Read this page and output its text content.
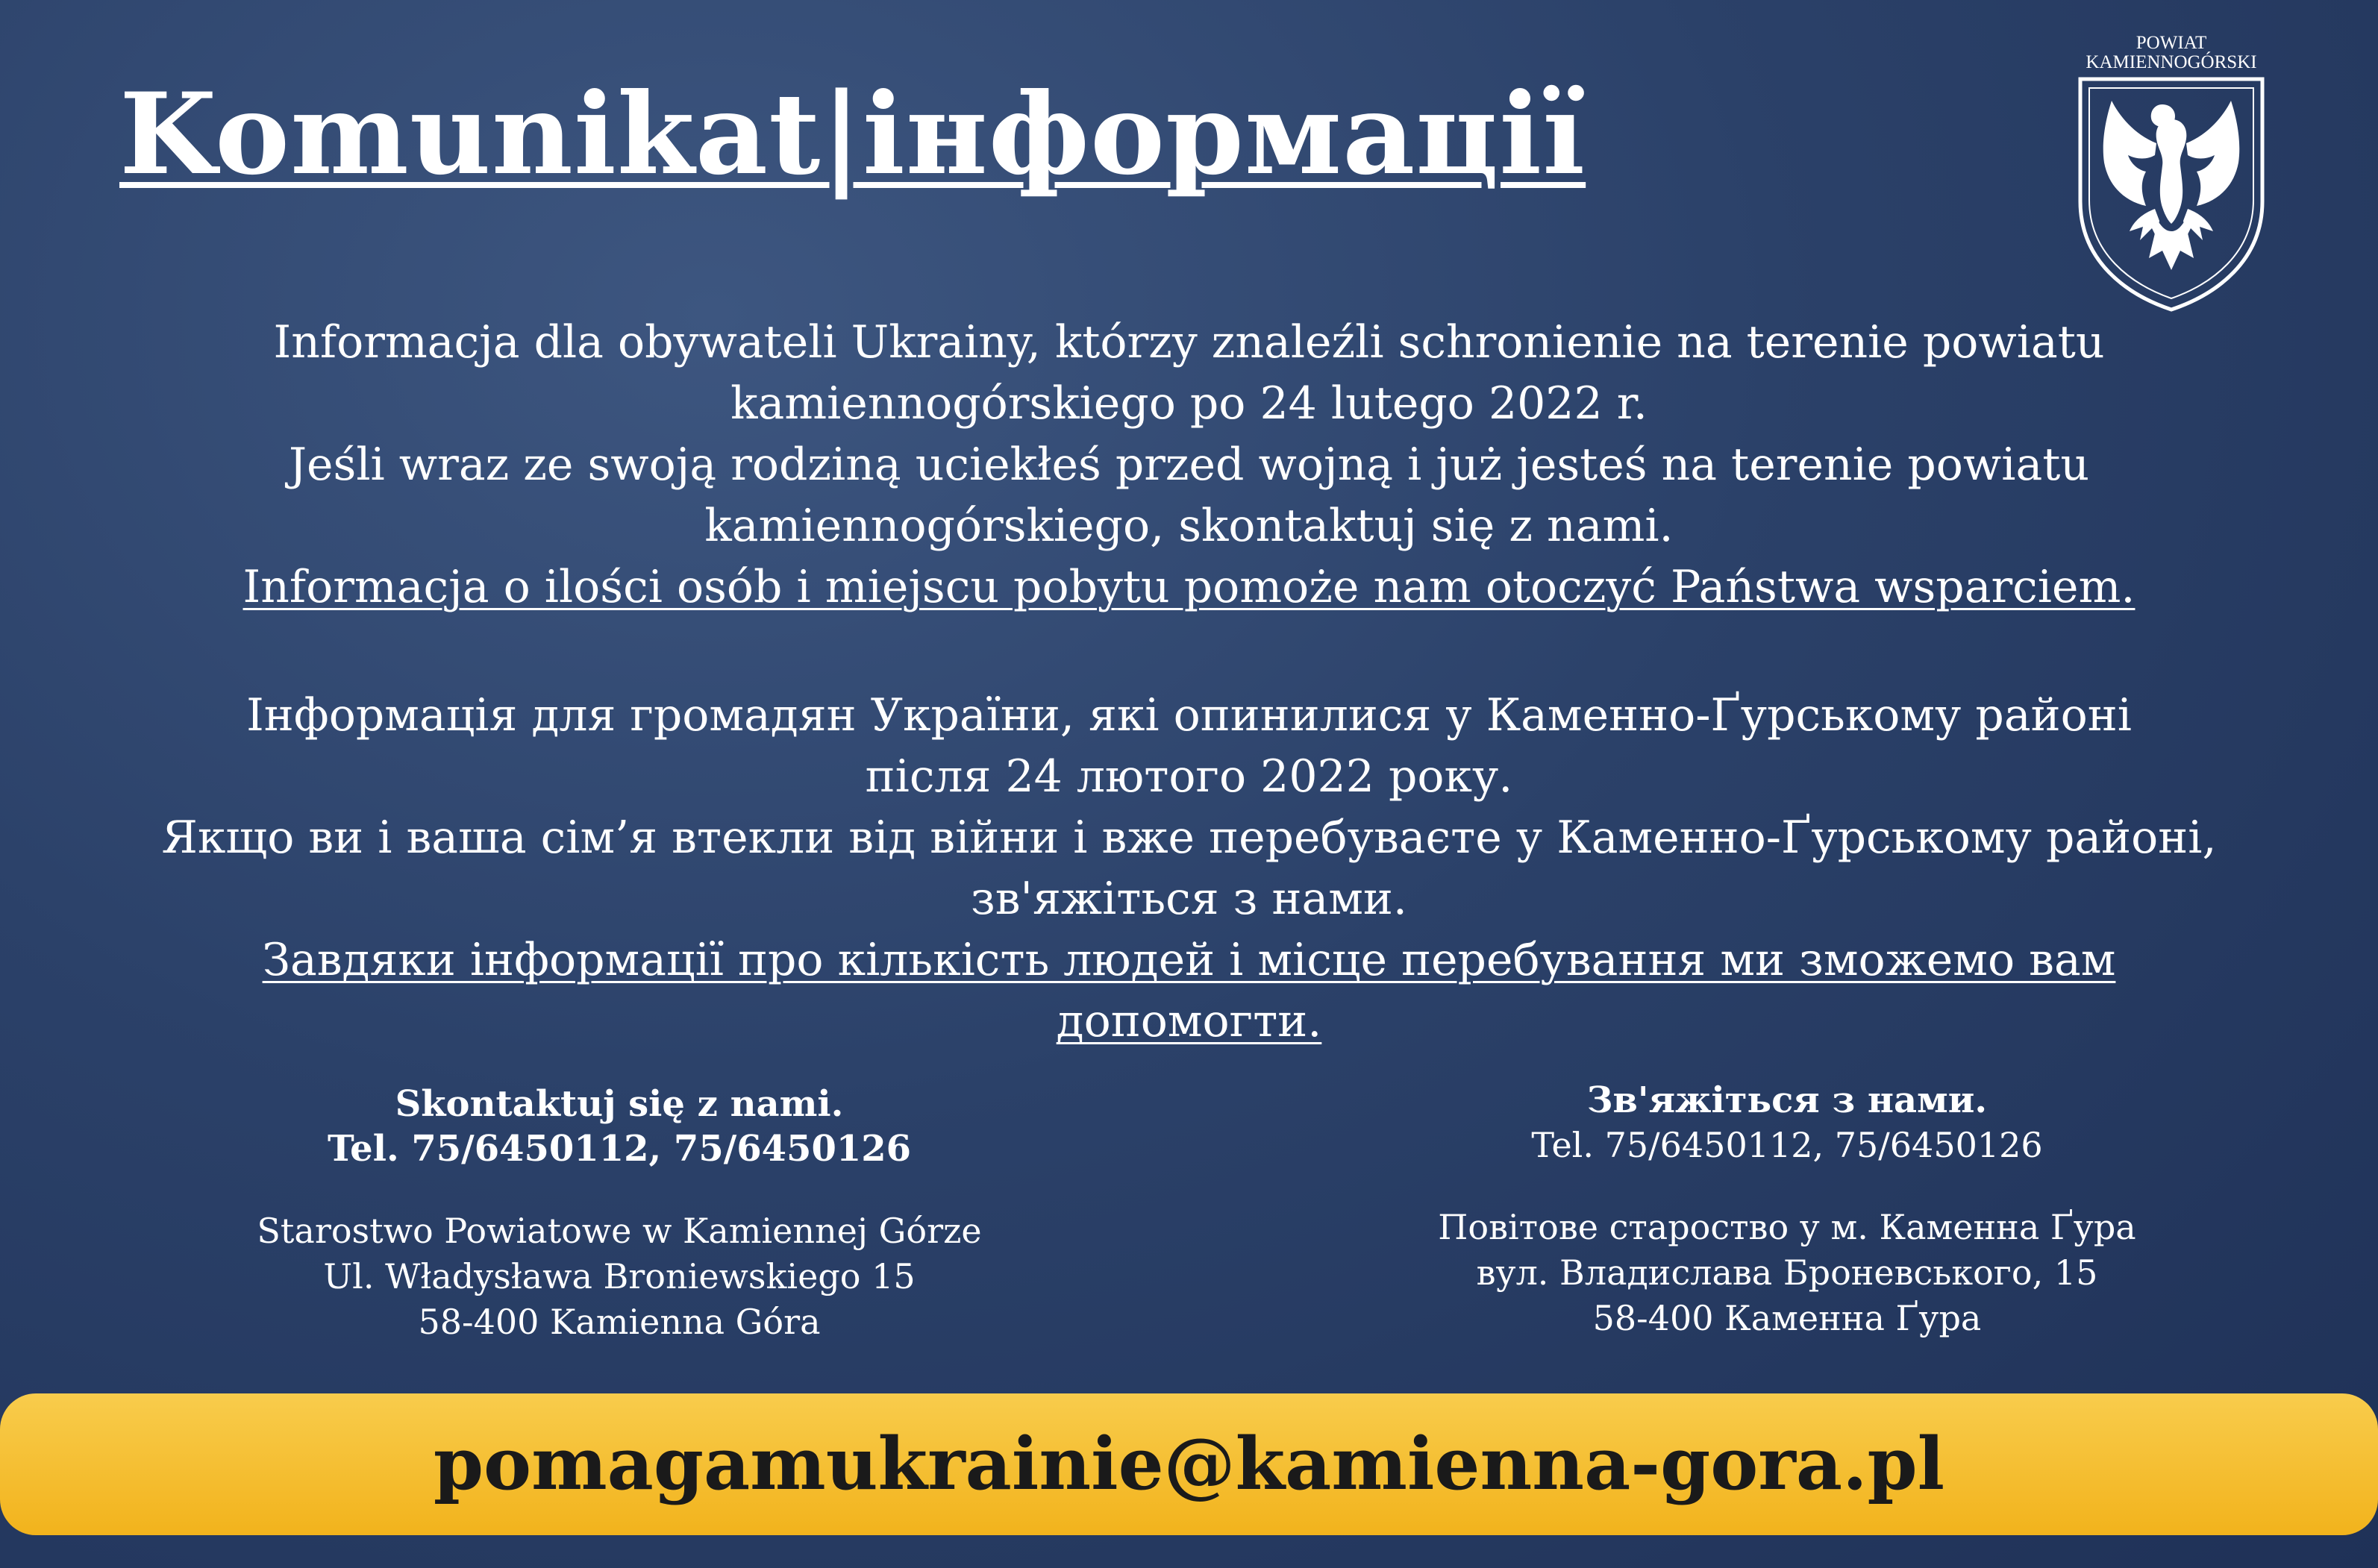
Komunikat|інформації
POWIAT
KAMIENNOGÓRSKI
Informacja dla obywateli Ukrainy, którzy znaleźli schronienie na terenie powiatu
kamiennogórskiego po 24 lutego 2022 r.
Jeśli wraz ze swoją rodziną uciekłeś przed wojną i już jesteś na terenie powiatu
kamiennogórskiego, skontaktuj się z nami.
Informacja o ilości osób i miejscu pobytu pomoże nam otoczyć Państwa wsparciem.
Інформація для громадян України, які опинилися у Каменно-Ґурському районі
після 24 лютого 2022 року.
Якщо ви і ваша сім’я втекли від війни і вже перебуваєте у Каменно-Ґурському районі,
зв'яжіться з нами.
Завдяки інформації про кількість людей і місце перебування ми зможемо вам допомогти.
Skontaktuj się z nami.
Tel. 75/6450112, 75/6450126
Starostwo Powiatowe w Kamiennej Górze
Ul. Władysława Broniewskiego 15
58-400 Kamienna Góra
Зв'яжіться з нами.
Tel. 75/6450112, 75/6450126
Повітове староство у м. Каменна Ґура
вул. Владислава Броневського, 15
58-400 Каменна Ґура
pomagamukrainie@kamienna-gora.pl
